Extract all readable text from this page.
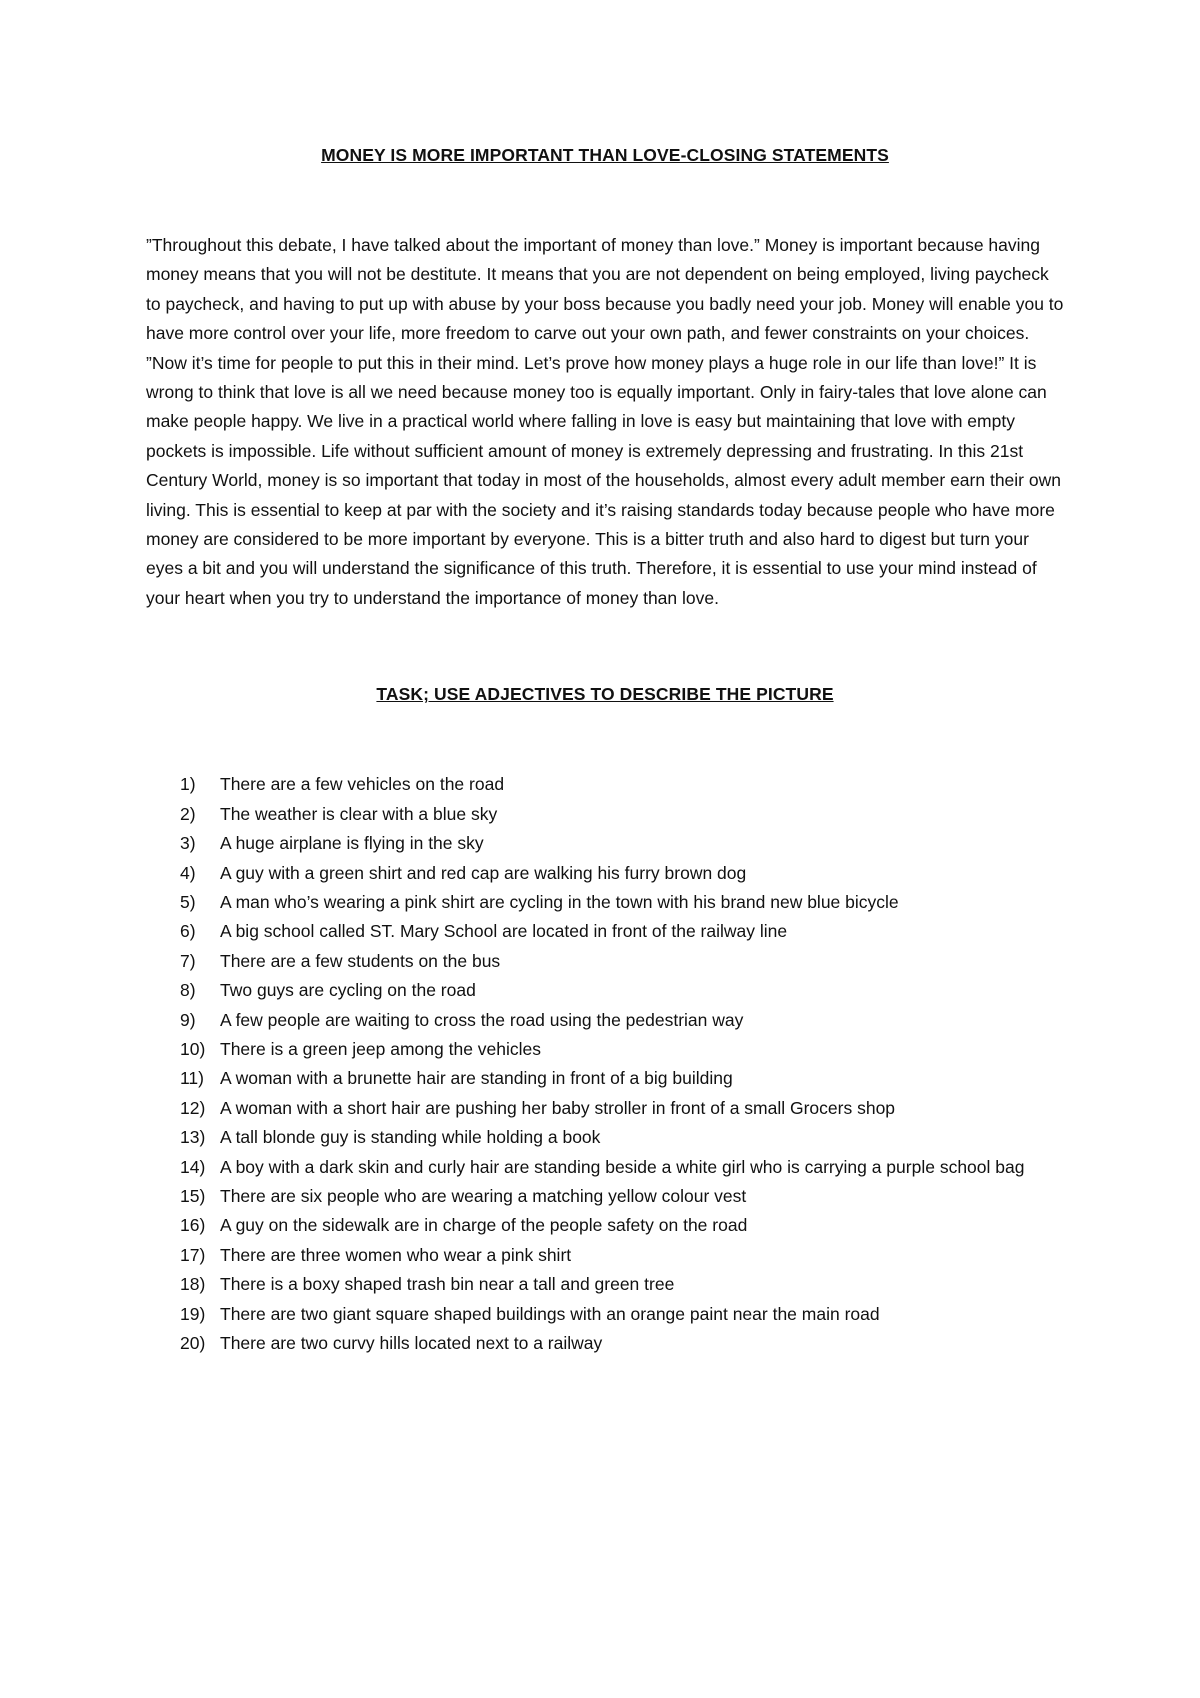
MONEY IS MORE IMPORTANT THAN LOVE-CLOSING STATEMENTS

”Throughout this debate, I have talked about the important of money than love.” Money is important because having money means that you will not be destitute. It means that you are not dependent on being employed, living paycheck to paycheck, and having to put up with abuse by your boss because you badly need your job. Money will enable you to have more control over your life, more freedom to carve out your own path, and fewer constraints on your choices. ”Now it’s time for people to put this in their mind. Let’s prove how money plays a huge role in our life than love!” It is wrong to think that love is all we need because money too is equally important. Only in fairy-tales that love alone can make people happy. We live in a practical world where falling in love is easy but maintaining that love with empty pockets is impossible. Life without sufficient amount of money is extremely depressing and frustrating. In this 21st Century World, money is so important that today in most of the households, almost every adult member earn their own living. This is essential to keep at par with the society and it’s raising standards today because people who have more money are considered to be more important by everyone. This is a bitter truth and also hard to digest but turn your eyes a bit and you will understand the significance of this truth. Therefore, it is essential to use your mind instead of your heart when you try to understand the importance of money than love.

TASK; USE ADJECTIVES TO DESCRIBE THE PICTURE
1)	There are a few vehicles on the road
2)	The weather is clear with a blue sky
3)	A huge airplane is flying in the sky
4)	A guy with a green shirt and red cap are walking his furry brown dog
5)	A man who’s wearing a pink shirt are cycling in the town with his brand new blue bicycle
6)	A big school called ST. Mary School are located in front of the railway line
7)	There are a few students on the bus
8)	Two guys are cycling on the road
9)	A few people are waiting to cross the road using the pedestrian way
10) There is a green jeep among the vehicles
11) A woman with a brunette hair are standing in front of a big building
12) A woman with a short hair are pushing her baby stroller in front of a small Grocers shop
13) A tall blonde guy is standing while holding a book
14) A boy with a dark skin and curly hair are standing beside a white girl who is carrying a purple school bag
15) There are six people who are wearing a matching yellow colour vest
16) A guy on the sidewalk are in charge of the people safety on the road
17) There are three women who wear a pink shirt
18) There is a boxy shaped trash bin near a tall and green tree
19) There are two giant square shaped buildings with an orange paint near the main road
20) There are two curvy hills located next to a railway
